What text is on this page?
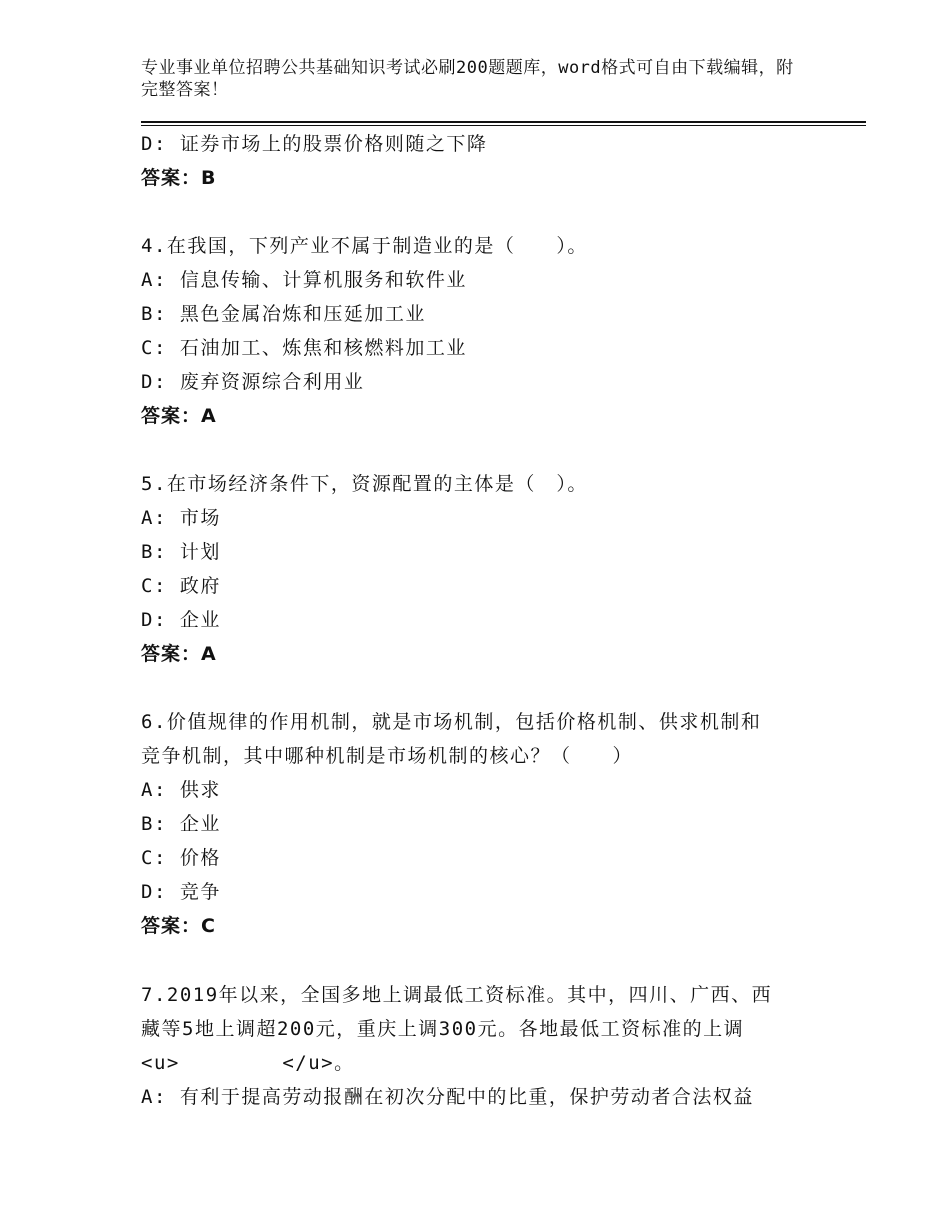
专业事业单位招聘公共基础知识考试必刷200题题库，word格式可自由下载编辑，附完整答案！
D: 证券市场上的股票价格则随之下降
答案：B
4.在我国，下列产业不属于制造业的是（　　）。
A: 信息传输、计算机服务和软件业
B: 黑色金属冶炼和压延加工业
C: 石油加工、炼焦和核燃料加工业
D: 废弃资源综合利用业
答案：A
5.在市场经济条件下，资源配置的主体是（　）。
A: 市场
B: 计划
C: 政府
D: 企业
答案：A
6.价值规律的作用机制，就是市场机制，包括价格机制、供求机制和
竞争机制，其中哪种机制是市场机制的核心？（　　）
A: 供求
B: 企业
C: 价格
D: 竞争
答案：C
7.2019年以来，全国多地上调最低工资标准。其中，四川、广西、西
藏等5地上调超200元，重庆上调300元。各地最低工资标准的上调
<u>　　　　　</u>。
A: 有利于提高劳动报酬在初次分配中的比重，保护劳动者合法权益
